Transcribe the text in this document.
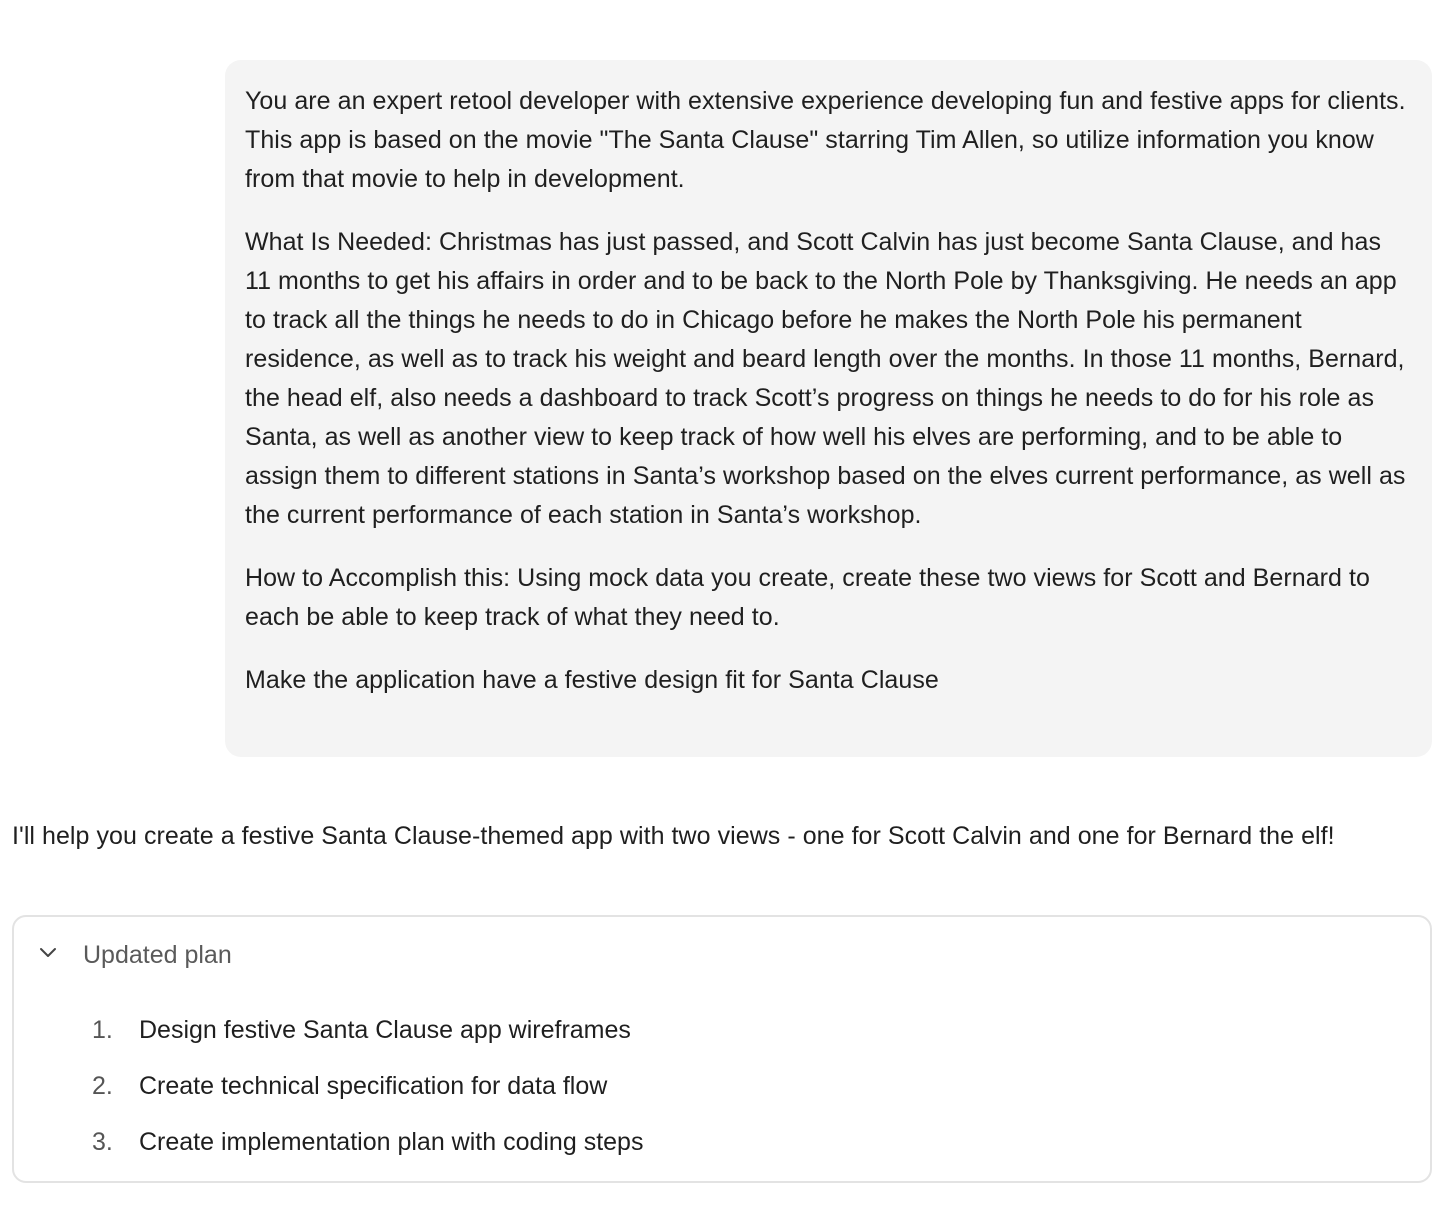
You are an expert retool developer with extensive experience developing fun and festive apps for clients. This app is based on the movie "The Santa Clause" starring Tim Allen, so utilize information you know from that movie to help in development.

What Is Needed: Christmas has just passed, and Scott Calvin has just become Santa Clause, and has 11 months to get his affairs in order and to be back to the North Pole by Thanksgiving. He needs an app to track all the things he needs to do in Chicago before he makes the North Pole his permanent residence, as well as to track his weight and beard length over the months. In those 11 months, Bernard, the head elf, also needs a dashboard to track Scott’s progress on things he needs to do for his role as Santa, as well as another view to keep track of how well his elves are performing, and to be able to assign them to different stations in Santa’s workshop based on the elves current performance, as well as the current performance of each station in Santa’s workshop.

How to Accomplish this: Using mock data you create, create these two views for Scott and Bernard to each be able to keep track of what they need to.

Make the application have a festive design fit for Santa Clause

I'll help you create a festive Santa Clause-themed app with two views - one for Scott Calvin and one for Bernard the elf!

Updated plan
1.	Design festive Santa Clause app wireframes
2.	Create technical specification for data flow
3.	Create implementation plan with coding steps
